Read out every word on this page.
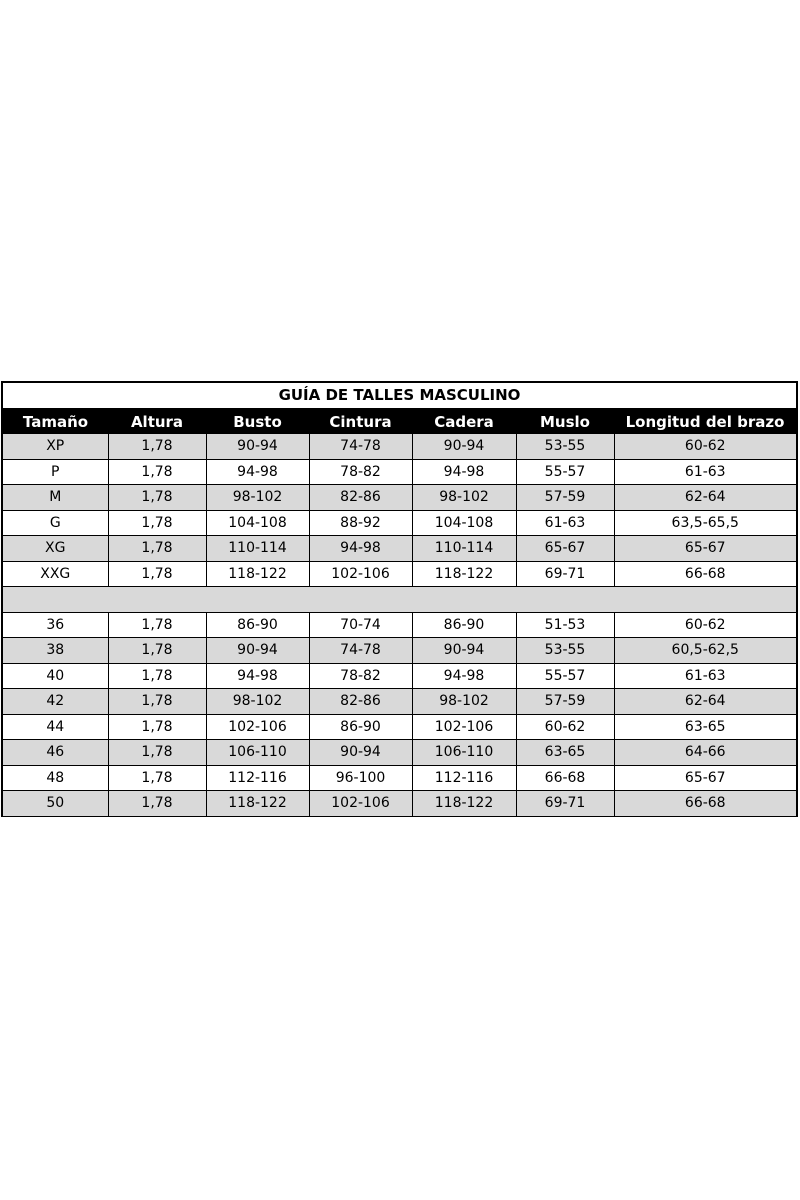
GUÍA DE TALLES MASCULINO
Tamaño	Altura	Busto	Cintura	Cadera	Muslo	Longitud del brazo
XP	1,78	90-94	74-78	90-94	53-55	60-62
P	1,78	94-98	78-82	94-98	55-57	61-63
M	1,78	98-102	82-86	98-102	57-59	62-64
G	1,78	104-108	88-92	104-108	61-63	63,5-65,5
XG	1,78	110-114	94-98	110-114	65-67	65-67
XXG	1,78	118-122	102-106	118-122	69-71	66-68

36	1,78	86-90	70-74	86-90	51-53	60-62
38	1,78	90-94	74-78	90-94	53-55	60,5-62,5
40	1,78	94-98	78-82	94-98	55-57	61-63
42	1,78	98-102	82-86	98-102	57-59	62-64
44	1,78	102-106	86-90	102-106	60-62	63-65
46	1,78	106-110	90-94	106-110	63-65	64-66
48	1,78	112-116	96-100	112-116	66-68	65-67
50	1,78	118-122	102-106	118-122	69-71	66-68
